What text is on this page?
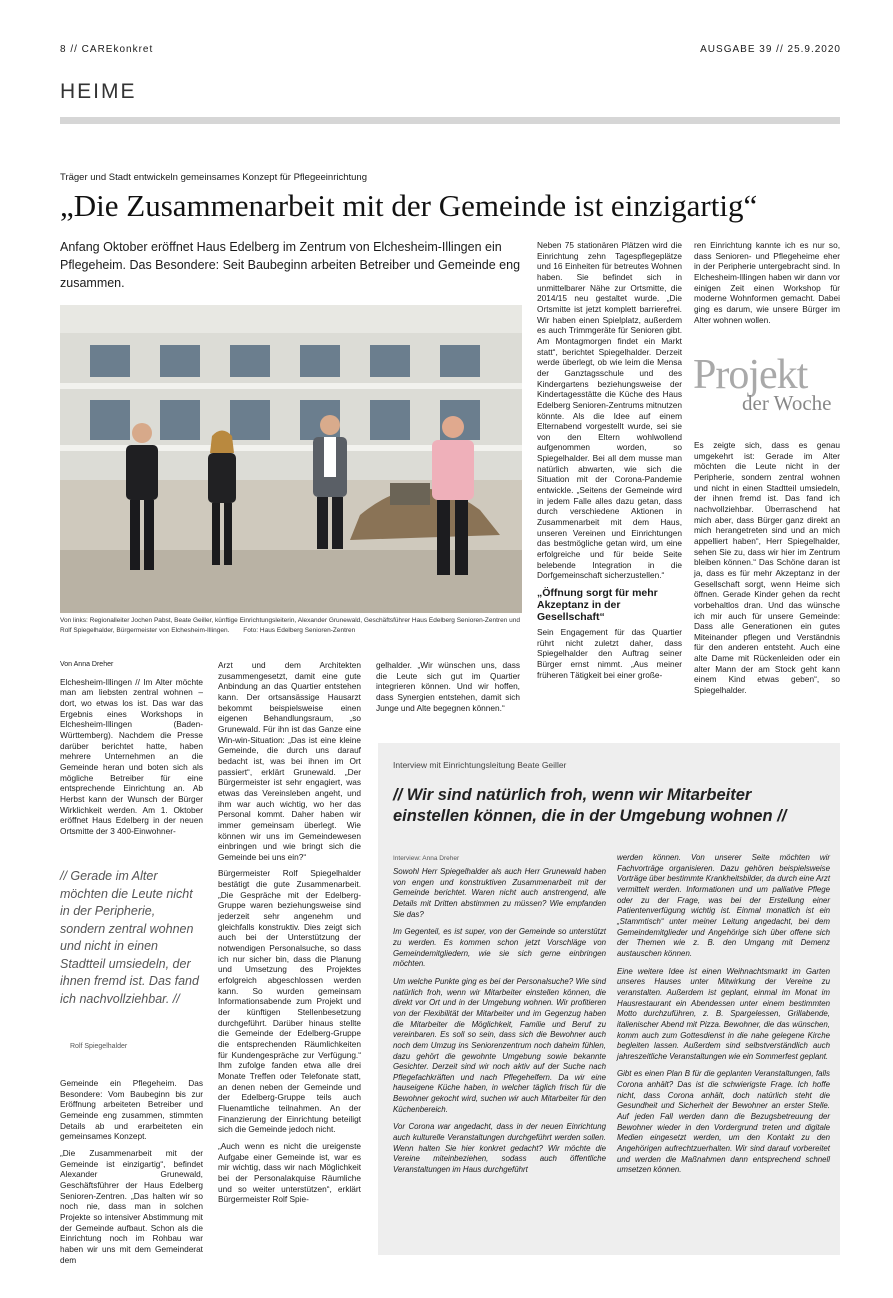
8 // CAREkonkret	AUSGABE 39 // 25.9.2020
HEIME
Träger und Stadt entwickeln gemeinsames Konzept für Pflegeeinrichtung
„Die Zusammenarbeit mit der Gemeinde ist einzigartig“
Anfang Oktober eröffnet Haus Edelberg im Zentrum von Elchesheim-Illingen ein Pflegeheim. Das Besondere: Seit Baubeginn arbeiten Betreiber und Gemeinde eng zusammen.
Von links: Regionalleiter Jochen Pabst, Beate Geiller, künftige Einrichtungsleiterin, Alexander Grunewald, Geschäftsführer Haus Edelberg Senioren-Zentren und Rolf Spiegelhalder, Bürgermeister von Elchesheim-Illingen. Foto: Haus Edelberg Senioren-Zentren

Von Anna Dreher

Elchesheim-Illingen // Im Alter möchte man am liebsten zentral wohnen – dort, wo etwas los ist. Das war das Ergebnis eines Workshops in Elchesheim-Illingen (Baden-Württemberg). Nachdem die Presse darüber berichtet hatte, haben mehrere Unternehmen an die Gemeinde heran und boten sich als mögliche Betreiber für eine entsprechende Einrichtung an. Ab Herbst kann der Wunsch der Bürger Wirklichkeit werden. Am 1. Oktober eröffnet Haus Edelberg in der neuen Ortsmitte der 3 400-Einwohner-

// Gerade im Alter möchten die Leute nicht in der Peripherie, sondern zentral wohnen und nicht in einen Stadtteil umsiedeln, der ihnen fremd ist. Das fand ich nachvollziehbar. //
Rolf Spiegelhalder

Gemeinde ein Pflegeheim. Das Besondere: Vom Baubeginn bis zur Eröffnung arbeiteten Betreiber und Gemeinde eng zusammen, stimmten Details ab und erarbeiteten ein gemeinsames Konzept.

„Die Zusammenarbeit mit der Gemeinde ist einzigartig“, befindet Alexander Grunewald, Geschäftsführer der Haus Edelberg Senioren-Zentren. „Das halten wir so noch nie, dass man in solchen Projekte so intensiver Abstimmung mit der Gemeinde aufbaut. Schon als die Einrichtung noch im Rohbau war haben wir uns mit dem Gemeinderat dem

Arzt und dem Architekten zusammengesetzt, damit eine gute Anbindung an das Quartier entstehen kann. Der ortsansässige Hausarzt bekommt beispielsweise einen eigenen Behandlungsraum, „so Grunewald. Für ihn ist das Ganze eine Win-win-Situation: „Das ist eine kleine Gemeinde, die durch uns darauf bedacht ist, was bei ihnen im Ort passiert“, erklärt Grunewald. „Der Bürgermeister ist sehr engagiert, was etwas das Vereinsleben angeht, und ihm war auch wichtig, wo her das Personal kommt. Daher haben wir immer gemeinsam überlegt. Wie können wir uns im Gemeindewesen einbringen und wie bringt sich die Gemeinde bei uns ein?“

Bürgermeister Rolf Spiegelhalder bestätigt die gute Zusammenarbeit. „Die Gespräche mit der Edelberg-Gruppe waren beziehungsweise sind jederzeit sehr angenehm und gleichfalls konstruktiv. Dies zeigt sich auch bei der Unterstützung der notwendigen Personalsuche, so dass ich nur sicher bin, dass die Planung und Umsetzung des Projektes erfolgreich abgeschlossen werden kann. So wurden gemeinsam Informationsabende zum Projekt und der künftigen Stellenbesetzung durchgeführt. Darüber hinaus stellte die Gemeinde der Edelberg-Gruppe die entsprechenden Räumlichkeiten für Kundengespräche zur Verfügung.“ Ihm zufolge fanden etwa alle drei Monate Treffen oder Telefonate statt, an denen neben der Gemeinde und der Edelberg-Gruppe teils auch Fluenamtliche teilnahmen. An der Finanzierung der Einrichtung beteiligt sich die Gemeinde jedoch nicht.

„Auch wenn es nicht die ureigenste Aufgabe einer Gemeinde ist, war es mir wichtig, dass wir nach Möglichkeit bei der Personalakquise Räumliche und so weiter unterstützen“, erklärt Bürgermeister Rolf Spie-

gelhalder. „Wir wünschen uns, dass die Leute sich gut im Quartier integrieren können. Und wir hoffen, dass Synergien entstehen, damit sich Junge und Alte begegnen können.“

Neben 75 stationären Plätzen wird die Einrichtung zehn Tagespflegeplätze und 16 Einheiten für betreutes Wohnen haben. Sie befindet sich in unmittelbarer Nähe zur Ortsmitte, die 2014/15 neu gestaltet wurde. „Die Ortsmitte ist jetzt komplett barrierefrei. Wir haben einen Spielplatz, außerdem es auch Trimmgeräte für Senioren gibt. Am Montagmorgen findet ein Markt statt“, berichtet Spiegelhalder. Derzeit werde überlegt, ob wie leim die Mensa der Ganztagsschule und des Kindergartens beziehungsweise der Kindertagesstätte die Küche des Haus Edelberg Senioren-Zentrums mitnutzen könnte. Als die Idee auf einem Elternabend vorgestellt wurde, sei sie von den Eltern wohlwollend aufgenommen worden, so Spiegelhalder. Bei all dem musse man natürlich abwarten, wie sich die Situation mit der Corona-Pandemie entwickle. „Seitens der Gemeinde wird in jedem Falle alles dazu getan, dass durch verschiedene Aktionen in Zusammenarbeit mit dem Haus, unseren Vereinen und Einrichtungen das bestmögliche getan wird, um eine erfolgreiche und für beide Seite belebende Integration in die Dorfgemeinschaft sicherzustellen.“

„Öffnung sorgt für mehr Akzeptanz in der Gesellschaft“

Sein Engagement für das Quartier rührt nicht zuletzt daher, dass Spiegelhalder den Auftrag seiner Bürger ernst nimmt. „Aus meiner früheren Tätigkeit bei einer große-

ren Einrichtung kannte ich es nur so, dass Senioren- und Pflegeheime eher in der Peripherie untergebracht sind. In Elchesheim-Illingen haben wir dann vor einigen Zeit einen Workshop für moderne Wohnformen gemacht. Dabei ging es darum, wie unsere Bürger im Alter wohnen wollen.

Projekt
der Woche

Es zeigte sich, dass es genau umgekehrt ist: Gerade im Alter möchten die Leute nicht in der Peripherie, sondern zentral wohnen und nicht in einen Stadtteil umsiedeln, der ihnen fremd ist. Das fand ich nachvollziehbar. Überraschend hat mich aber, dass Bürger ganz direkt an mich herangetreten sind und an mich appelliert haben“, Herr Spiegelhalder, sehen Sie zu, dass wir hier im Zentrum bleiben können.“ Das Schöne daran ist ja, dass es für mehr Akzeptanz in der Gesellschaft sorgt, wenn Heime sich öffnen. Gerade Kinder gehen da recht vorbehaltlos dran. Und das wünsche ich mir auch für unsere Gemeinde: Dass alle Generationen ein gutes Miteinander pflegen und Verständnis für den anderen entsteht. Auch eine alte Dame mit Rückenleiden oder ein alter Mann der am Stock geht kann einem Kind etwas geben“, so Spiegelhalder.

Interview mit Einrichtungsleitung Beate Geiller
// Wir sind natürlich froh, wenn wir Mitarbeiter einstellen können, die in der Umgebung wohnen //
Interview: Anna Dreher

Sowohl Herr Spiegelhalder als auch Herr Grunewald haben von engen und konstruktiven Zusammenarbeit mit der Gemeinde berichtet. Waren nicht auch anstrengend, alle Details mit Dritten abstimmen zu müssen? Wie empfanden Sie das?

Im Gegenteil, es ist super, von der Gemeinde so unterstützt zu werden. Es kommen schon jetzt Vorschläge von Gemeindemitgliedern, wie sie sich gerne einbringen möchten.

Um welche Punkte ging es bei der Personalsuche? Wie sind natürlich froh, wenn wir Mitarbeiter einstellen können, die direkt vor Ort und in der Umgebung wohnen. Wir profitieren von der Flexibilität der Mitarbeiter und im Gegenzug haben die Mitarbeiter die Möglichkeit, Familie und Beruf zu vereinbaren. Es soll so sein, dass sich die Bewohner auch noch dem Umzug ins Seniorenzentrum noch daheim fühlen, dazu gehört die gewohnte Umgebung sowie bekannte Gesichter. Derzeit sind wir noch aktiv auf der Suche nach Pflegefachkräften und nach Pflegehelfern. Da wir eine hauseigene Küche haben, in welcher täglich frisch für die Bewohner gekocht wird, suchen wir auch Mitarbeiter für den Küchenbereich.

Vor Corona war angedacht, dass in der neuen Einrichtung auch kulturelle Veranstaltungen durchgeführt werden sollen. Wenn halten Sie hier konkret gedacht? Wir möchte die Vereine miteinbeziehen, sodass auch öffentliche Veranstaltungen im Haus durchgeführt

werden können. Von unserer Seite möchten wir Fachvorträge organisieren. Dazu gehören beispielsweise Vorträge über bestimmte Krankheitsbilder, da durch eine Arzt vermittelt werden. Informationen und um palliative Pflege oder zu der Frage, was bei der Erstellung einer Patientenverfügung wichtig ist. Einmal monatlich ist ein „Stammtisch“ unter meiner Leitung angedacht, bei dem Gemeindemitglieder und Angehörige sich über offene sich der Themen wie z. B. den Umgang mit Demenz austauschen können.

Eine weitere Idee ist einen Weihnachtsmarkt im Garten unseres Hauses unter Mitwirkung der Vereine zu veranstalten. Außerdem ist geplant, einmal im Monat im Hausrestaurant ein Abendessen unter einem bestimmten Motto durchzuführen, z. B. Spargelessen, Grillabende, italienischer Abend mit Pizza. Bewohner, die das wünschen, komm auch zum Gottesdienst in die nahe gelegene Kirche begleiten lassen. Außerdem sind selbstverständlich auch jahreszeitliche Veranstaltungen wie ein Sommerfest geplant.

Gibt es einen Plan B für die geplanten Veranstaltungen, falls Corona anhält? Das ist die schwierigste Frage. Ich hoffe nicht, dass Corona anhält, doch natürlich steht die Gesundheit und Sicherheit der Bewohner an erster Stelle. Auf jeden Fall werden dann die Bezugsbetreuung der Bewohner wieder in den Vordergrund treten und digitale Medien eingesetzt werden, um den Kontakt zu den Angehörigen aufrechtzuerhalten. Wir sind darauf vorbereitet und werden die Maßnahmen dann entsprechend schnell umsetzen können.
